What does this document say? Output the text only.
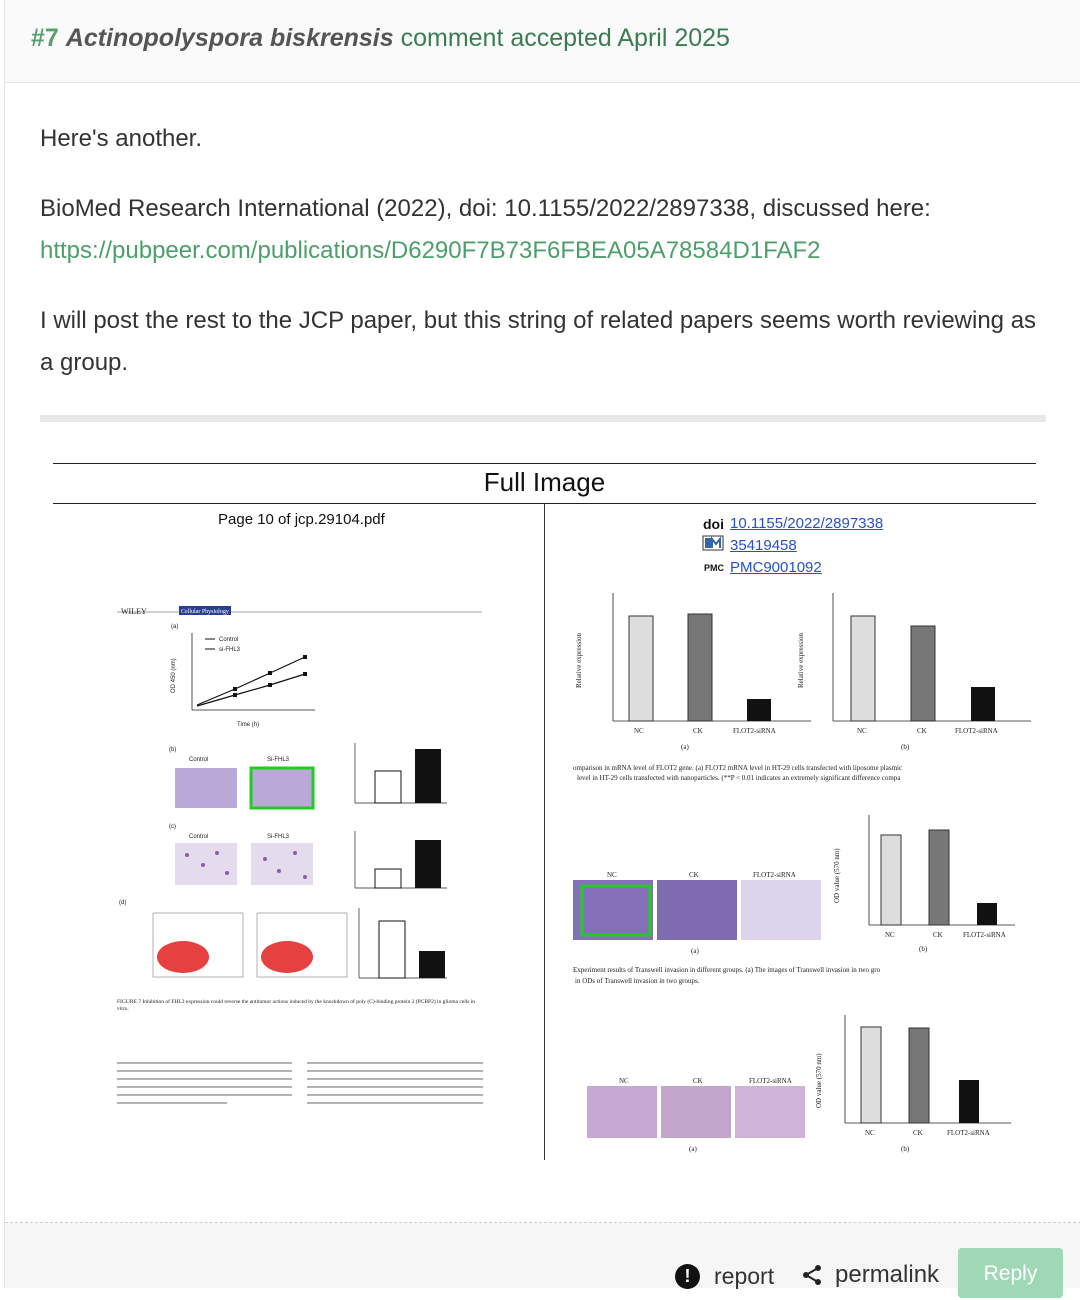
#7 Actinopolyspora biskrensis comment accepted April 2025

Here's another.

BioMed Research International (2022), doi: 10.1155/2022/2897338, discussed here:
https://pubpeer.com/publications/D6290F7B73F6FBEA05A78584D1FAF2

I will post the rest to the JCP paper, but this string of related papers seems worth reviewing as a group.

Full Image
Page 10 of jcp.29104.pdf	doi 10.1155/2022/2897338
35419458
PMC PMC9001092
WILEY	Cellular Physiology
(a)
Control
si-FHL3
Time (h)
OD 450 (nm)
(b)
Control	Si-FHL3
(c)
Control	Si-FHL3
(d)
FIGURE 7 Inhibition of FHL3 expression could reverse the antitumor actions induced by the knockdown of poly (C)-binding protein 2 (PCBP2) in glioma cells in vitro.
Relative expression
NC	CK	FLOT2-siRNA
(a)
Relative expression
NC	CK	FLOT2-siRNA
(b)
omparison in mRNA level of FLOT2 gene. (a) FLOT2 mRNA level in HT-29 cells transfected with liposome plasmic
level in HT-29 cells transfected with nanoparticles. (**P < 0.01 indicates an extremely significant difference compa
NC	CK	FLOT2-siRNA
(a)
OD value (570 nm)
NC	CK	FLOT2-siRNA
(b)
Experiment results of Transwell invasion in different groups. (a) The images of Transwell invasion in two gro
in ODs of Transwell invasion in two groups.
NC	CK	FLOT2-siRNA
(a)
OD value (570 nm)
NC	CK	FLOT2-siRNA
(b)
!	report	permalink	Reply
